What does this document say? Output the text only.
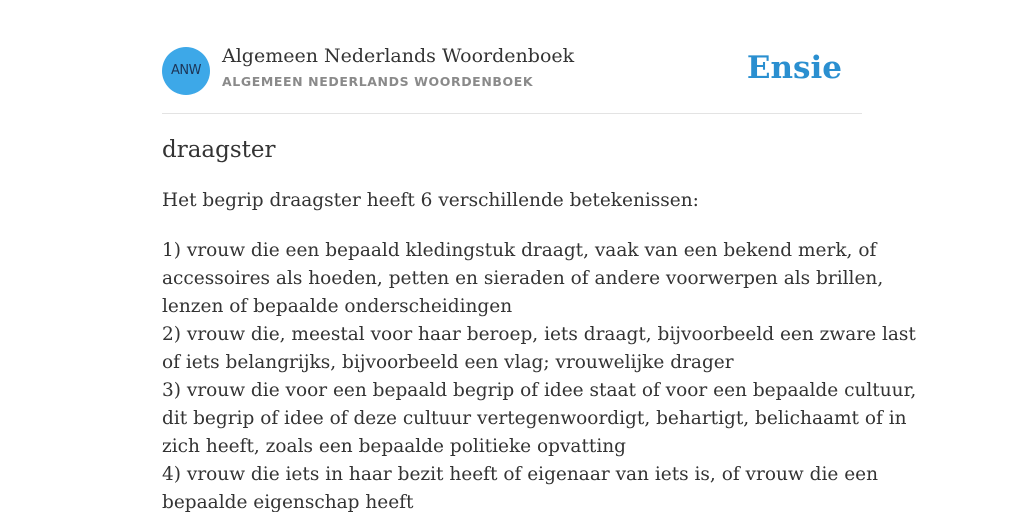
ANW
Algemeen Nederlands Woordenboek
ALGEMEEN NEDERLANDS WOORDENBOEK	Ensie
draagster

Het begrip draagster heeft 6 verschillende betekenissen:

1) vrouw die een bepaald kledingstuk draagt, vaak van een bekend merk, of
accessoires als hoeden, petten en sieraden of andere voorwerpen als brillen,
lenzen of bepaalde onderscheidingen
2) vrouw die, meestal voor haar beroep, iets draagt, bijvoorbeeld een zware last
of iets belangrijks, bijvoorbeeld een vlag; vrouwelijke drager
3) vrouw die voor een bepaald begrip of idee staat of voor een bepaalde cultuur,
dit begrip of idee of deze cultuur vertegenwoordigt, behartigt, belichaamt of in
zich heeft, zoals een bepaalde politieke opvatting
4) vrouw die iets in haar bezit heeft of eigenaar van iets is, of vrouw die een
bepaalde eigenschap heeft
